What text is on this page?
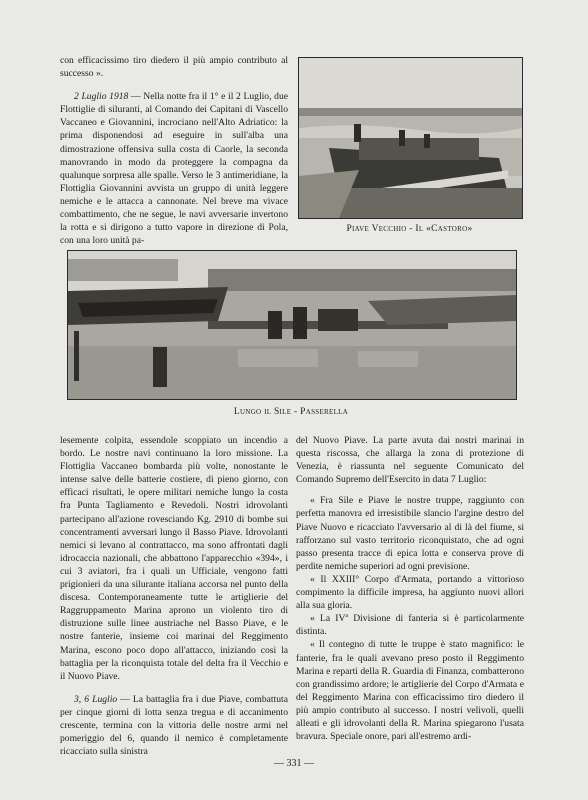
con efficacissimo tiro diedero il più ampio contributo al successo ».

2 Luglio 1918 — Nella notte fra il 1° e il 2 Luglio, due Flottiglie di siluranti, al Comando dei Capitani di Vascello Vaccaneo e Giovannini, incrociano nell'Alto Adriatico: la prima disponendosi ad eseguire in sull'alba una dimostrazione offensiva sulla costa di Caorle, la seconda manovrando in modo da proteggere la compagna da qualunque sorpresa alle spalle. Verso le 3 antimeridiane, la Flottiglia Giovannini avvista un gruppo di unità leggere nemiche e le attacca a cannonate. Nel breve ma vivace combattimento, che ne segue, le navi avversarie invertono la rotta e si dirigono a tutto vapore in direzione di Pola, con una loro unità pa-

Piave Vecchio - Il «Castoro»
Lungo il Sile - Passerella

lesemente colpita, essendole scoppiato un incendio a bordo. Le nostre navi continuano la loro missione. La Flottiglia Vaccaneo bombarda più volte, nonostante le intense salve delle batterie costiere, di pieno giorno, con efficaci risultati, le opere militari nemiche lungo la costa fra Punta Tagliamento e Revedoli. Nostri idrovolanti partecipano all'azione rovesciando Kg. 2910 di bombe sui concentramenti avversari lungo il Basso Piave. Idrovolanti nemici si levano al contrattacco, ma sono affrontati dagli idrocaccia nazionali, che abbattono l'apparecchio «394», i cui 3 aviatori, fra i quali un Ufficiale, vengono fatti prigionieri da una silurante italiana accorsa nel punto della discesa. Contemporaneamente tutte le artiglierie del Raggruppamento Marina aprono un violento tiro di distruzione sulle linee austriache nel Basso Piave, e le nostre fanterie, insieme coi marinai del Reggimento Marina, escono poco dopo all'attacco, iniziando così la battaglia per la riconquista totale del delta fra il Vecchio e il Nuovo Piave.

3, 6 Luglio — La battaglia fra i due Piave, combattuta per cinque giorni di lotta senza tregua e di accanimento crescente, termina con la vittoria delle nostre armi nel pomeriggio del 6, quando il nemico è completamente ricacciato sulla sinistra

del Nuovo Piave. La parte avuta dai nostri marinai in questa riscossa, che allarga la zona di protezione di Venezia, è riassunta nel seguente Comunicato del Comando Supremo dell'Esercito in data 7 Luglio:

« Fra Sile e Piave le nostre truppe, raggiunto con perfetta manovra ed irresistibile slancio l'argine destro del Piave Nuovo e ricacciato l'avversario al di là del fiume, si rafforzano sul vasto territorio riconquistato, che ad ogni passo presenta tracce di epica lotta e conserva prove di perdite nemiche superiori ad ogni previsione.

« Il XXIII° Corpo d'Armata, portando a vittorioso compimento la difficile impresa, ha aggiunto nuovi allori alla sua gloria.

« La IVª Divisione di fanteria si è particolarmente distinta.

« Il contegno di tutte le truppe è stato magnifico: le fanterie, fra le quali avevano preso posto il Reggimento Marina e reparti della R. Guardia di Finanza, combatterono con grandissimo ardore; le artiglierie del Corpo d'Armata e del Reggimento Marina con efficacissimo tiro diedero il più ampio contributo al successo. I nostri velivoli, quelli alleati e gli idrovolanti della R. Marina spiegarono l'usata bravura. Speciale onore, pari all'estremo ardi-

— 331 —
